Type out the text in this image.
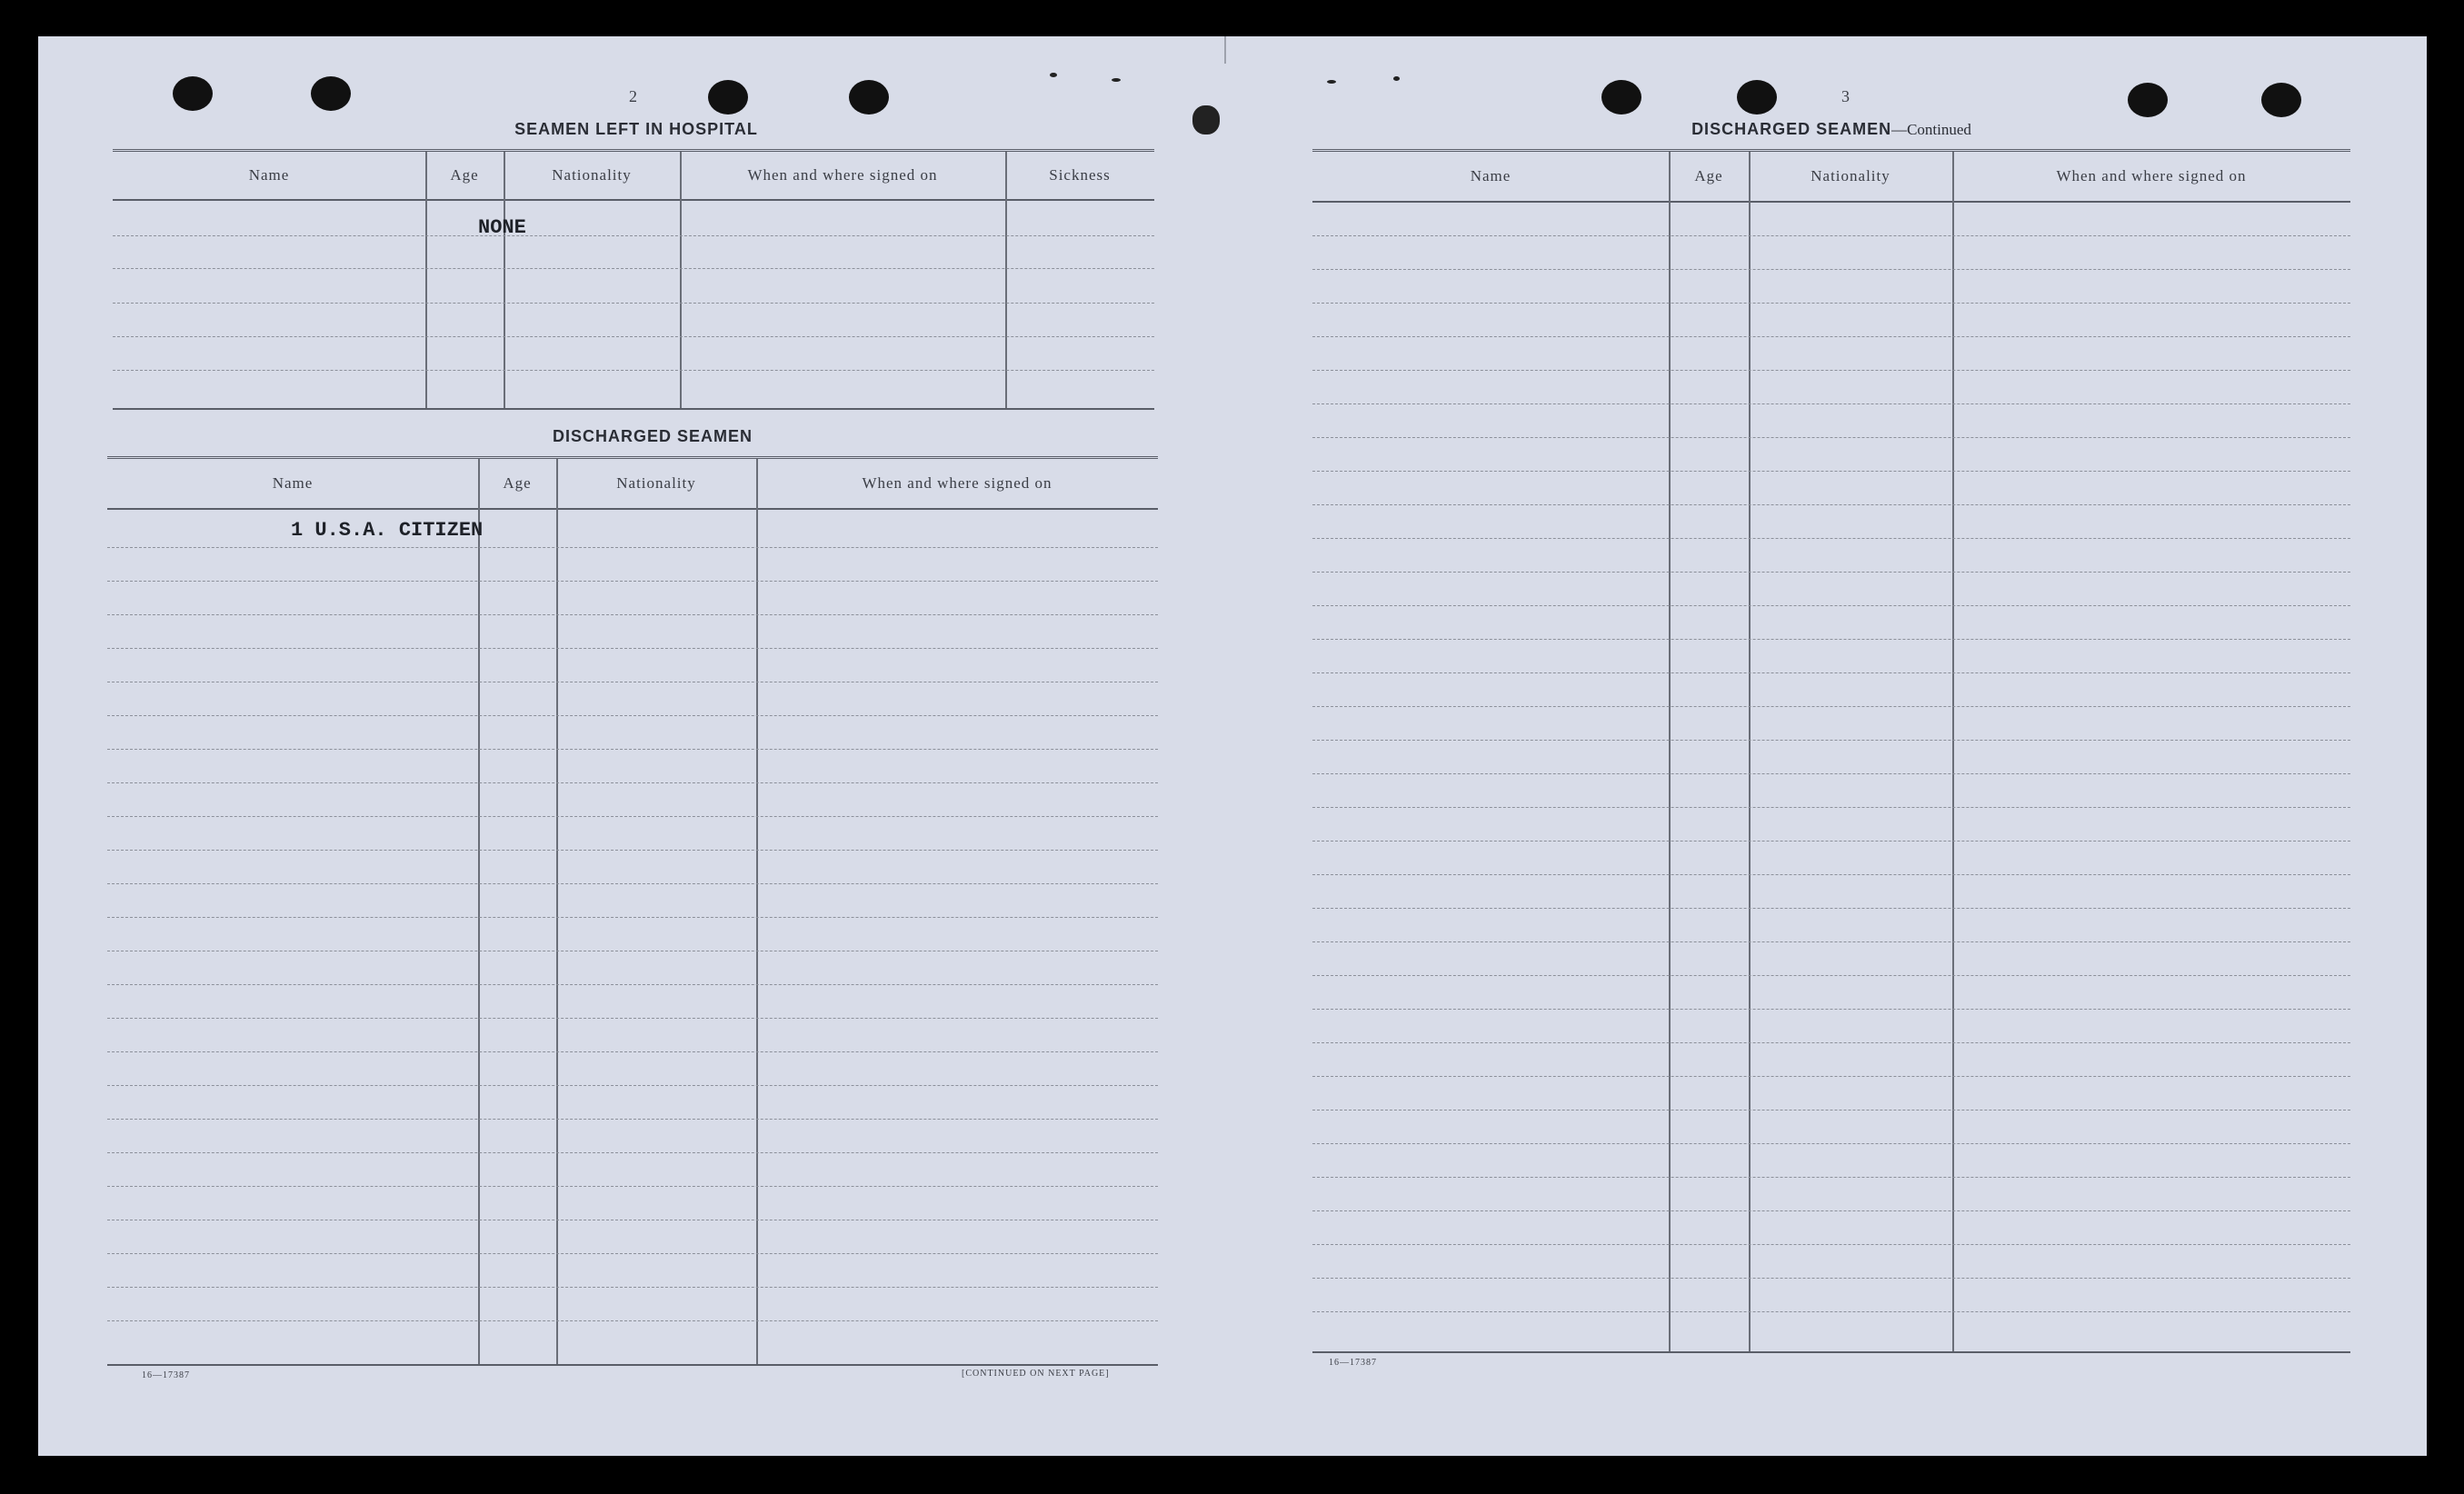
2
SEAMEN LEFT IN HOSPITAL
Name	Age	Nationality	When and where signed on	Sickness
NONE
DISCHARGED SEAMEN
Name	Age	Nationality	When and where signed on
1 U.S.A. CITIZEN
16—17387	[CONTINUED ON NEXT PAGE]
3
DISCHARGED SEAMEN—Continued
Name	Age	Nationality	When and where signed on
16—17387
